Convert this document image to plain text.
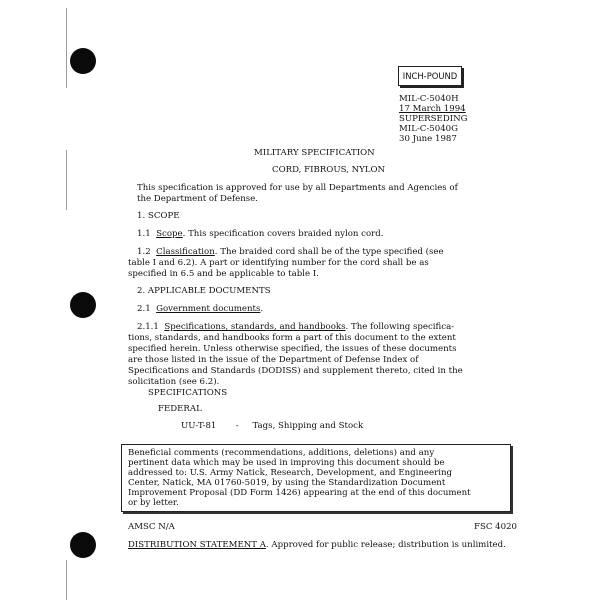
INCH-POUND
MIL-C-5040H
17 March 1994
SUPERSEDING
MIL-C-5040G
30 June 1987
MILITARY SPECIFICATION
CORD, FIBROUS, NYLON
This specification is approved for use by all Departments and Agencies of
the Department of Defense.
1. SCOPE
1.1 Scope. This specification covers braided nylon cord.
1.2 Classification. The braided cord shall be of the type specified (see
table I and 6.2). A part or identifying number for the cord shall be as
specified in 6.5 and be applicable to table I.
2. APPLICABLE DOCUMENTS
2.1 Government documents.
2.1.1 Specifications, standards, and handbooks. The following specifica-
tions, standards, and handbooks form a part of this document to the extent
specified herein. Unless otherwise specified, the issues of these documents
are those listed in the issue of the Department of Defense Index of
Specifications and Standards (DODISS) and supplement thereto, cited in the
solicitation (see 6.2).
SPECIFICATIONS
FEDERAL
UU-T-81 - Tags, Shipping and Stock
Beneficial comments (recommendations, additions, deletions) and any
pertinent data which may be used in improving this document should be
addressed to: U.S. Army Natick, Research, Development, and Engineering
Center, Natick, MA 01760-5019, by using the Standardization Document
Improvement Proposal (DD Form 1426) appearing at the end of this document
or by letter.
AMSC N/A	FSC 4020
DISTRIBUTION STATEMENT A. Approved for public release; distribution is unlimited.
